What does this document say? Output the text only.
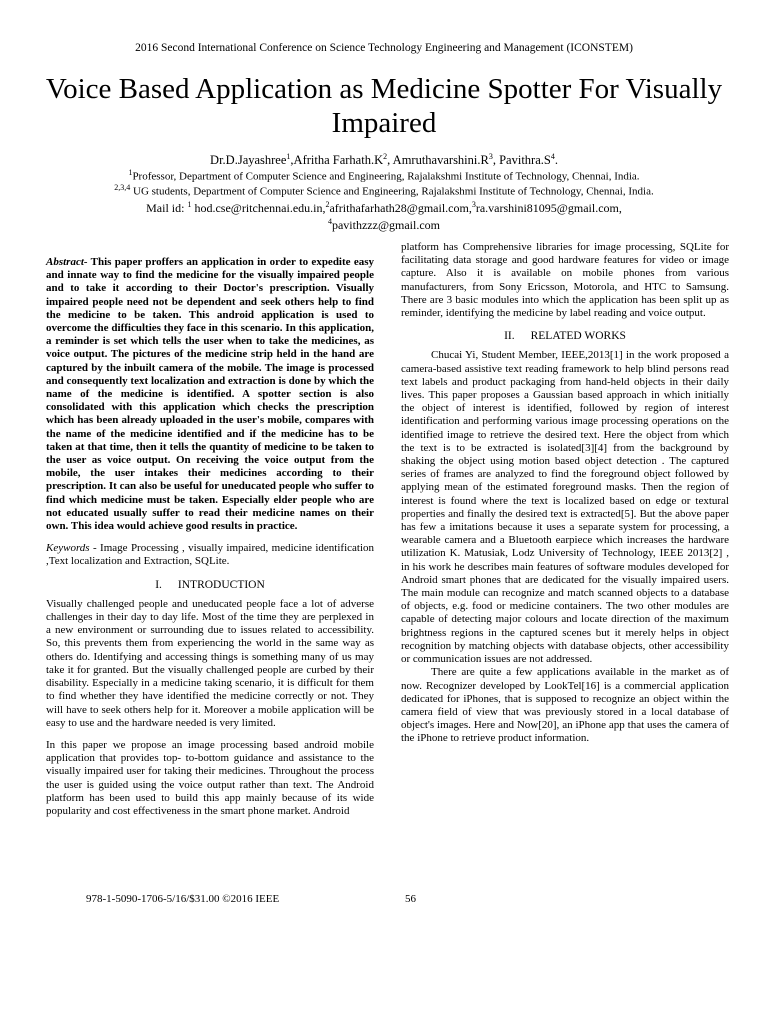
2016 Second International Conference on Science Technology Engineering and Management (ICONSTEM)
Voice Based Application as Medicine Spotter For Visually Impaired
Dr.D.Jayashree$^1$,Afritha $Farhath.K^2$, $Amruthavarshini.R^3$, $Pavithra.S^4$.
$^1$Professor, Department of Computer Science and Engineering, Rajalakshmi Institute of Technology, Chennai, India.
$^{2,3,4}$ UG students, Department of Computer Science and Engineering, Rajalakshmi Institute of Technology, Chennai, India.
Mail id: $^1$ hod.cse@ritchennai.edu.in,$^2$afrithafarhath28@gmail.com,$^3$ra.varshini81095@gmail.com,
$^4$pavithzzz@gmail.com

Abstract- This paper proffers an application in order to expedite easy and innate way to find the medicine for the visually impaired people and to take it according to their Doctor's prescription. Visually impaired people need not be dependent and seek others help to find the medicine to be taken. This android application is used to overcome the difficulties they face in this scenario. In this application, a reminder is set which tells the user when to take the medicines, as voice output. The pictures of the medicine strip held in the hand are captured by the inbuilt camera of the mobile. The image is processed and consequently text localization and extraction is done by which the name of the medicine is identified. A spotter section is also consolidated with this application which checks the prescription which has been already uploaded in the user's mobile, compares with the name of the medicine identified and if the medicine has to be taken at that time, then it tells the quantity of medicine to be taken to the user as voice output. On receiving the voice output from the mobile, the user intakes their medicines according to their prescription. It can also be useful for uneducated people who suffer to find which medicine must be taken. Especially elder people who are not educated usually suffer to read their medicine names on their own. This idea would achieve good results in practice.

Keywords - Image Processing , visually impaired, medicine identification ,Text localization and Extraction, SQLite.

I. INTRODUCTION

Visually challenged people and uneducated people face a lot of adverse challenges in their day to day life. Most of the time they are perplexed in a new environment or surrounding due to issues related to accessibility. So, this prevents them from experiencing the world in the same way as others do. Identifying and accessing things is something many of us may take it for granted. But the visually challenged people are curbed by their disability. Especially in a medicine taking scenario, it is difficult for them to find whether they have identified the medicine correctly or not. They will have to seek others help for it. Moreover a mobile application will be easy to use and the hardware needed is very limited.

In this paper we propose an image processing based android mobile application that provides top- to-bottom guidance and assistance to the visually impaired user for taking their medicines. Throughout the process the user is guided using the voice output rather than text. The Android platform has been used to build this app mainly because of its wide popularity and cost effectiveness in the smart phone market. Android

platform has Comprehensive libraries for image processing, SQLite for facilitating data storage and good hardware features for video or image capture. Also it is available on mobile phones from various manufacturers, from Sony Ericsson, Motorola, and HTC to Samsung. There are 3 basic modules into which the application has been split up as reminder, identifying the medicine by label reading and voice output.

II. RELATED WORKS

Chucai Yi, Student Member, IEEE,2013[1] in the work proposed a camera-based assistive text reading framework to help blind persons read text labels and product packaging from hand-held objects in their daily lives. This paper proposes a Gaussian based approach in which initially the object of interest is identified, followed by region of interest identification and performing various image processing operations on the identified image to retrieve the desired text. Here the object from which the text is to be extracted is isolated[3][4] from the background by shaking the object using motion based object detection . The captured series of frames are analyzed to find the foreground object followed by applying mean of the estimated foreground masks. Then the region of interest is found where the text is localized based on edge or textural properties and finally the desired text is extracted[5]. But the above paper has few a imitations because it uses a separate system for processing, a wearable camera and a Bluetooth earpiece which increases the hardware utilization K. Matusiak, Lodz University of Technology, IEEE 2013[2] , in his work he describes main features of software modules developed for Android smart phones that are dedicated for the visually impaired users. The main module can recognize and match scanned objects to a database of objects, e.g. food or medicine containers. The two other modules are capable of detecting major colours and locate direction of the maximum brightness regions in the captured scenes but it merely helps in object recognition by matching objects with database objects, other accessibility or communication issues are not addressed.

There are quite a few applications available in the market as of now. Recognizer developed by LookTel[16] is a commercial application dedicated for iPhones, that is supposed to recognize an object within the camera field of view that was previously stored in a local database of object's images. Here and Now[20], an iPhone app that uses the camera of the iPhone to retrieve product information.

978-1-5090-1706-5/16/$31.00 ©2016 IEEE	56
